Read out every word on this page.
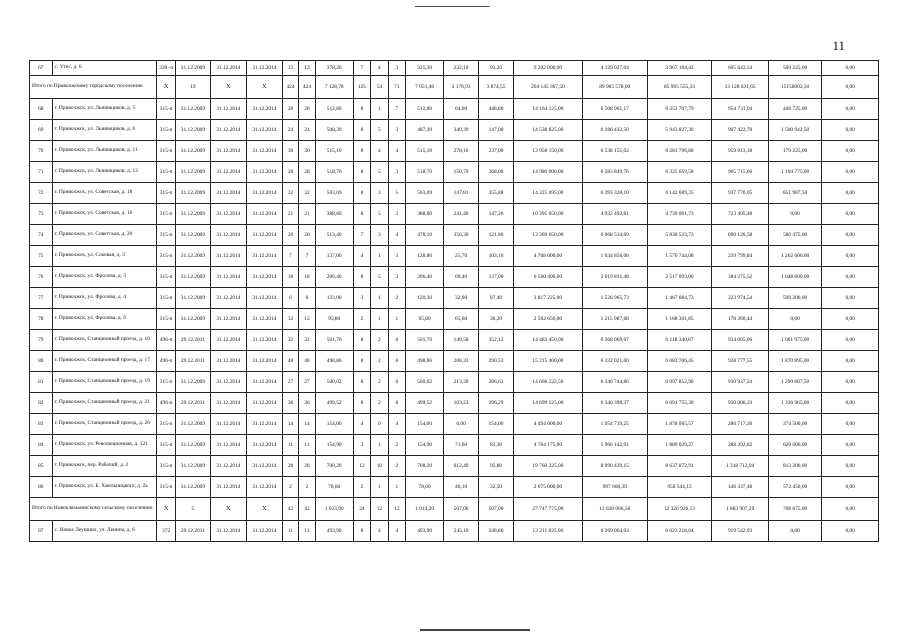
11
67	с. Утес, д. 6	339 -п	31.12.2009	31.12.2014	31.12.2014	13	13	378,20	7	4	3	325,30	232,10	93,20	9 202 000,00	4 129 027,04	3 967 104,42	605 643,54	500 225,00	0,00
Итого по Приволжскому городскому поселению		X	19	X	X	424	424	7 128,78	125	54	71	7 051,46	3 176,93	3 874,55	204 145 367,50	89 905 578,00	85 995 555,33	13 128 631,65	15158002,50	0,00
68	г. Приволжск, ул. Льнянщиков, д. 5	315-п	31.12.2009	31.12.2014	31.12.2014	28	28	512,80	8	1	7	512,80	64,00	448,80	14 164 125,00	6 508 961,17	6 253 707,79	954 731,04	446 725,00	0,00
69	г. Приволжск, ул. Льнянщиков, д. 6	315-п	31.12.2009	31.12.2014	31.12.2014	24	24	508,39	8	5	3	487,39	340,39	147,00	14 538 825,00	6 186 432,50	5 943 827,30	907 422,70	1 500 942,50	0,00
70	г. Приволжск, ул. Льнянщиков, д. 11	315-п	31.12.2009	31.12.2014	31.12.2014	30	30	515,10	8	4	4	515,10	278,10	237,00	13 958 150,00	6 538 155,02	6 281 796,80	959 013,18	179 225,00	0,00
71	г. Приволжск, ул. Льнянщиков, д. 12	315-п	31.12.2009	31.12.2014	31.12.2014	28	28	518,70	8	5	3	518,70	150,70	368,00	14 980 000,00	6 583 849,76	6 325 659,58	965 715,66	1 104 775,00	0,00
72	г. Приволжск, ул. Советская, д. 18	315-п	31.12.2009	31.12.2014	31.12.2014	32	32	503,69	8	3	5	503,69	147,81	355,88	14 325 695,00	6 393 328,10	6 142 609,35	937 770,05	851 987,50	0,00
73	г. Приволжск, ул. Советская, д. 16	315-п	31.12.2009	31.12.2014	31.12.2014	21	21	388,60	8	5	3	388,60	241,40	147,20	10 395 050,00	4 932 492,81	4 739 061,73	723 495,48	0,00	0,00
74	г. Приволжск, ул. Советская, д. 20	315-п	31.12.2009	31.12.2014	31.12.2014	20	20	513,40	7	3	4	478,10	356,30	121,80	13 369 650,00	6 068 514,69	5 830 533,73	890 126,58	580 475,00	0,00
75	г. Приволжск, ул. Соковая, д. 3	315-п	31.12.2009	31.12.2014	31.12.2014	7	7	137,00	4	1	3	128,80	25,70	103,10	4 708 000,00	1 634 856,08	1 570 744,08	239 799,84	1 262 600,00	0,00
76	г. Приволжск, ул. Фролова, д. 3	315-п	31.12.2009	31.12.2014	31.12.2014	18	18	206,40	8	5	3	206,40	69,40	137,00	6 560 400,00	2 619 831,48	2 517 093,00	384 275,52	1 048 600,00	0,00
77	г. Приволжск, ул. Фролова, д. 4	315-п	31.12.2009	31.12.2014	31.12.2014	6	6	133,00	3	1	2	120,30	32,90	87,40	3 817 225,00	1 526 965,73	1 467 084,73	223 974,54	599 200,00	0,00
78	г. Приволжск, ул. Фролова, д. 6	315-п	31.12.2009	31.12.2014	31.12.2014	12	12	95,80	2	1	1	95,80	65,60	30,20	2 562 650,00	1 215 987,68	1 168 301,85	178 360,44	0,00	0,00
79	г. Приволжск, Станционный проезд, д. 16	496-п	29.12.2011	31.12.2014	31.12.2014	32	32	501,70	8	2	6	501,70	149,58	352,12	14 482 450,00	6 368 069,07	6 118 340,87	934 065,06	1 061 975,00	0,00
80	г. Приволжск, Станционный проезд, д. 17	496-п	29.12.2011	31.12.2014	31.12.2014	48	48	498,86	8	2	6	498,86	208,33	290,53	15 215 400,00	6 332 021,00	6 083 706,45	928 777,55	1 870 895,00	0,00
81	г. Приволжск, Станционный проезд, д. 19	315-п	31.12.2009	31.12.2014	31.12.2014	27	27	500,02	8	2	6	500,02	213,39	286,63	14 666 222,50	6 346 744,86	6 097 852,90	930 937,24	1 290 687,50	0,00
82	г. Приволжск, Станционный проезд, д. 21	496-п	29.12.2011	31.12.2014	31.12.2014	36	36	499,52	8	2	6	499,52	103,23	396,29	14 699 125,00	6 340 398,37	6 091 755,30	930 006,33	1 336 965,00	0,00
83	г. Приволжск, Станционный проезд, д. 26	315-п	31.12.2009	31.12.2014	31.12.2014	14	14	154,00	4	0	4	154,00	0,00	154,00	4 494 000,00	1 954 719,25	1 878 065,57	286 717,20	374 500,00	0,00
84	г. Приволжск, ул. Революционная, д. 121	315-п	31.12.2009	31.12.2014	31.12.2014	11	11	154,90	3	1	2	154,90	71,60	83,30	4 764 175,00	1 966 142,91	1 889 039,27	288 392,82	620 600,00	0,00
85	г. Приволжск, пер. Рабочий, д. 2	315-п	31.12.2009	31.12.2014	31.12.2014	28	28	708,20	12	10	2	708,20	612,40	95,80	19 760 225,00	8 990 439,15	8 637 872,91	1 318 712,94	813 200,00	0,00
86	г. Приволжск, ул. Б. Хмельницкого, д. 2а	315-п	31.12.2009	31.12.2014	31.12.2014	2	2	78,60	2	1	1	78,60	46,10	32,50	2 675 000,00	997 668,39	958 544,13	146 337,48	572 450,00	0,00
Итого по Новоклязьминскому сельскому поселению:		X	5	X	X	42	42	1 023,90	24	12	12	1 014,20	507,00	507,00	27 747 775,00	12 830 066,58	12 326 926,13	1 883 907,29	708 875,00	0,00
87	с. Новое Леушино, ул. Ленина, д. 6	372	29.12.2011	31.12.2014	31.12.2014	11	11	493,90	8	4	4	493,90	245,10	248,80	13 211 825,00	6 269 064,03	6 023 218,04	919 542,93	0,00	0,00
